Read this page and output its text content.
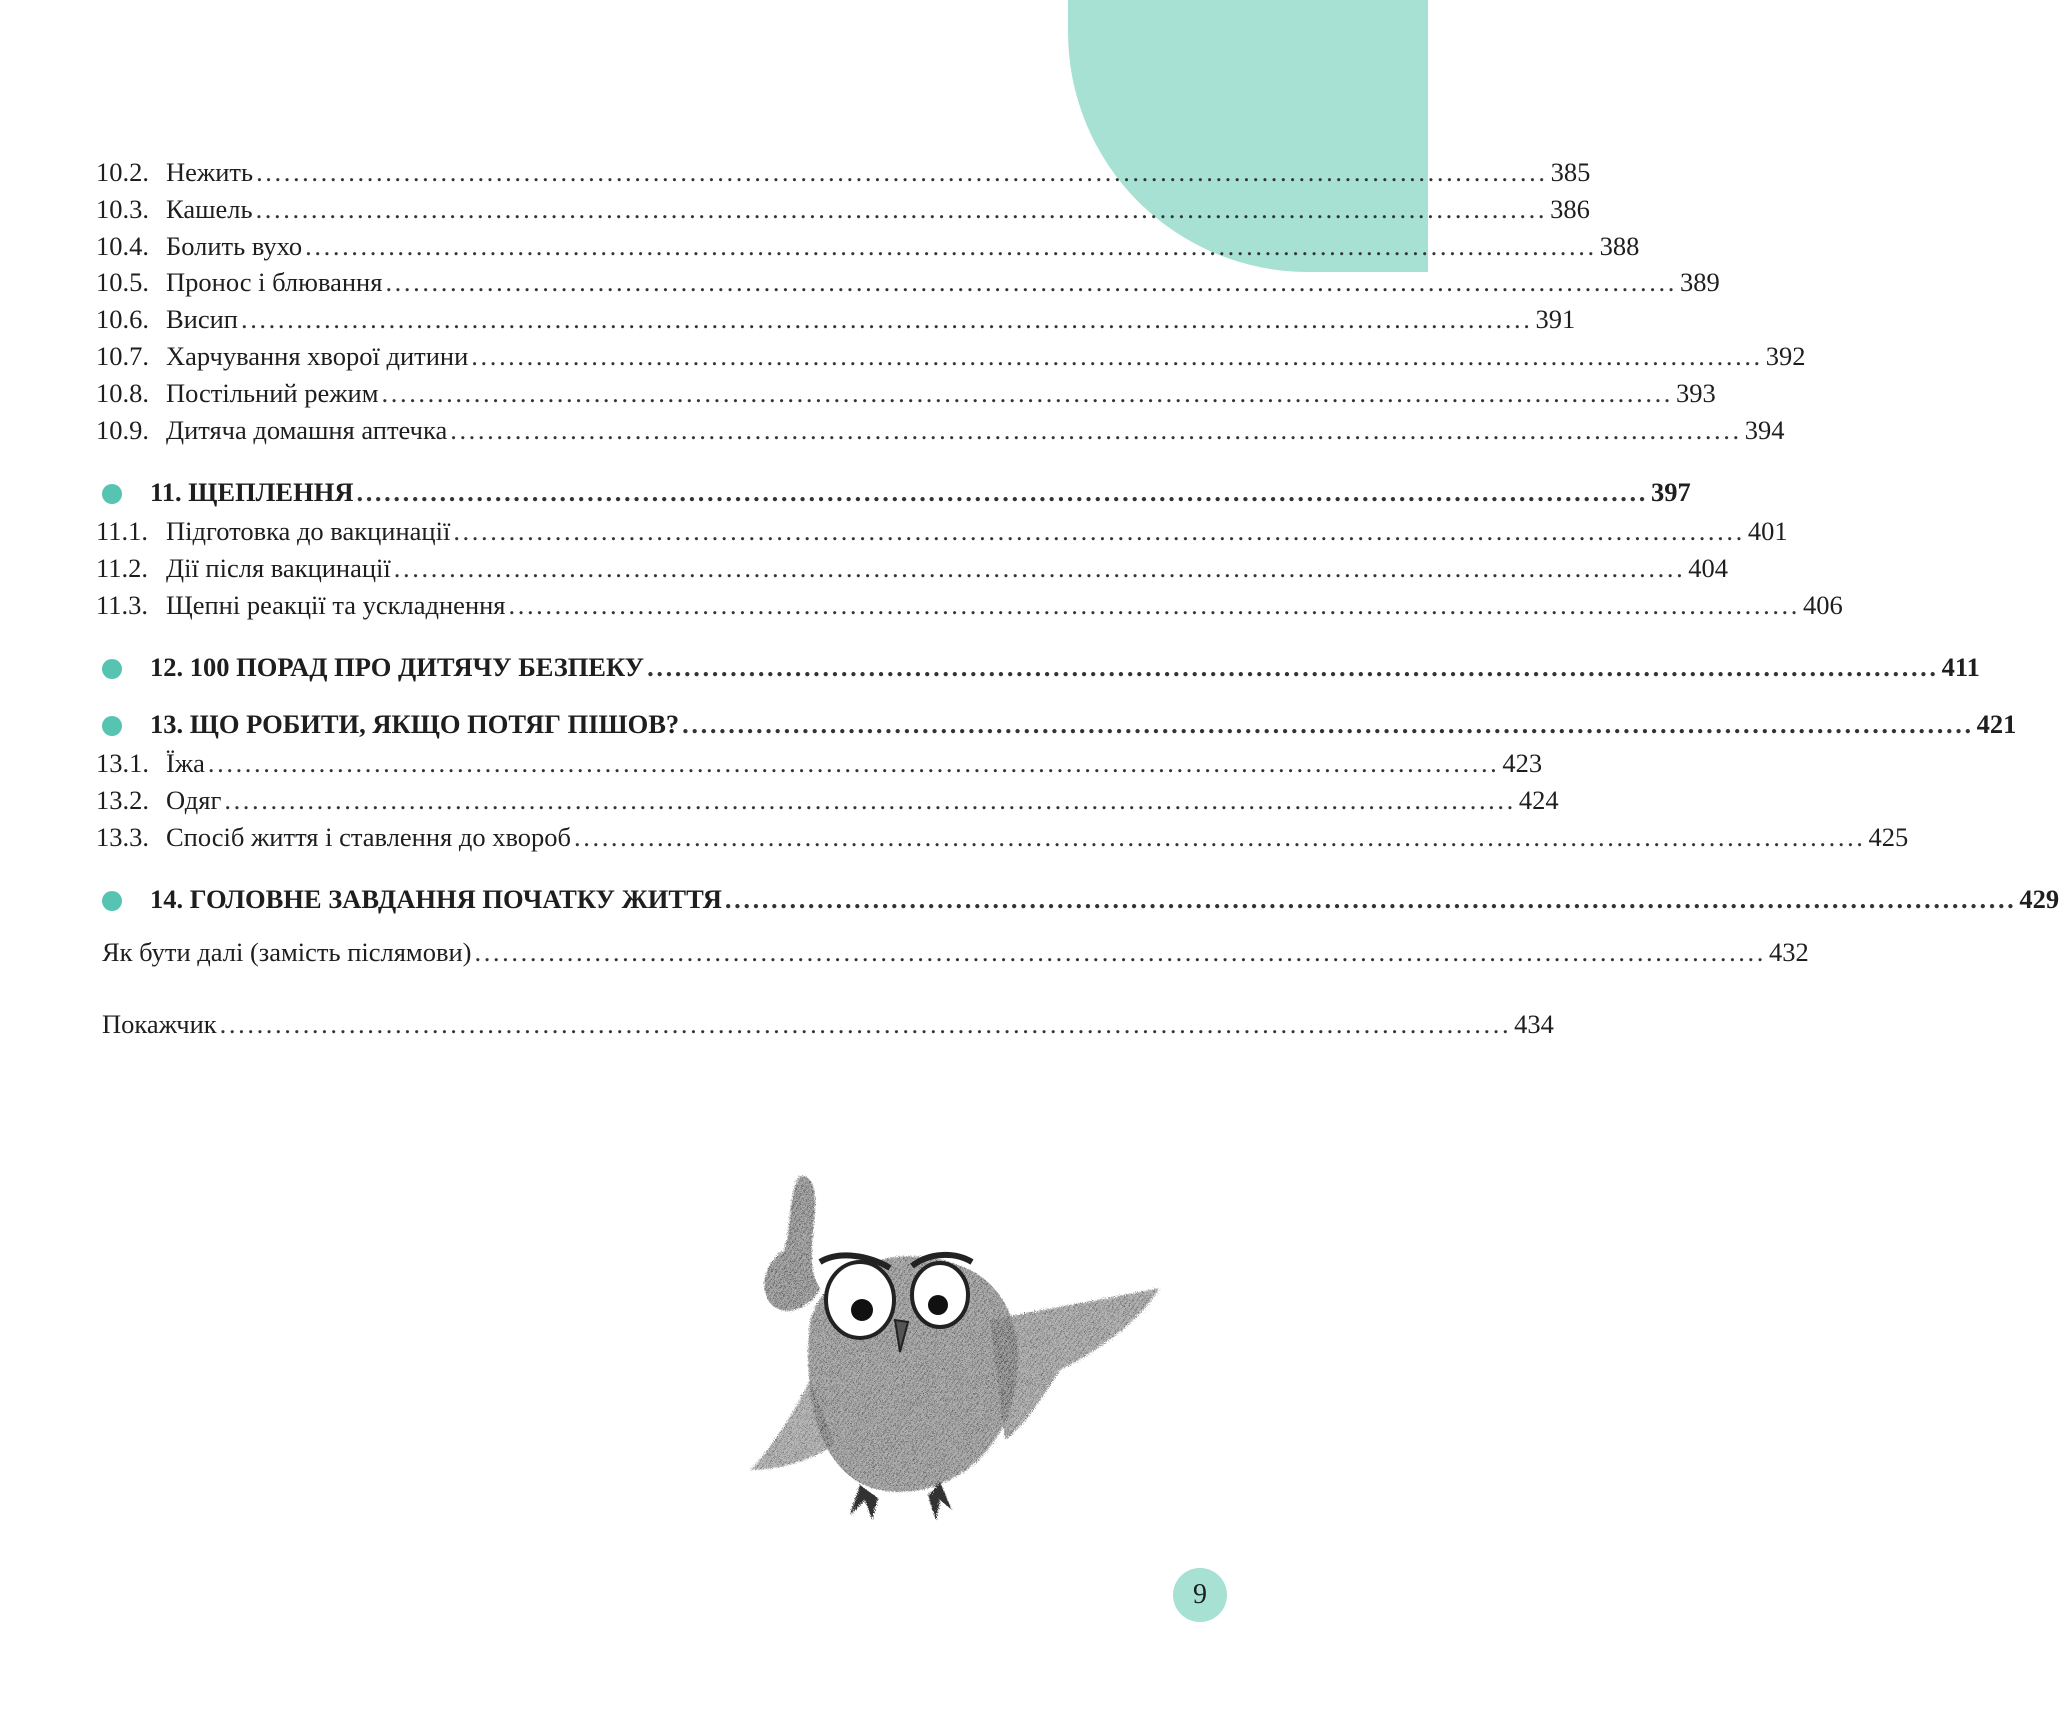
10.2. Нежить ............................................................................................................................................ 385
10.3. Кашель ............................................................................................................................................ 386
10.4. Болить вухо ............................................................................................................................................ 388
10.5. Пронос і блювання ............................................................................................................................................ 389
10.6. Висип ............................................................................................................................................ 391
10.7. Харчування хворої дитини ............................................................................................................................................ 392
10.8. Постільний режим ............................................................................................................................................ 393
10.9. Дитяча домашня аптечка ............................................................................................................................................ 394
11. ЩЕПЛЕННЯ ............................................................................................................................................ 397
11.1. Підготовка до вакцинації ............................................................................................................................................ 401
11.2. Дії після вакцинації ............................................................................................................................................ 404
11.3. Щепні реакції та ускладнення ............................................................................................................................................ 406
12. 100 ПОРАД ПРО ДИТЯЧУ БЕЗПЕКУ ............................................................................................................................................ 411
13. ЩО РОБИТИ, ЯКЩО ПОТЯГ ПІШОВ? ............................................................................................................................................ 421
13.1. Їжа ............................................................................................................................................ 423
13.2. Одяг ............................................................................................................................................ 424
13.3. Спосіб життя і ставлення до хвороб ............................................................................................................................................ 425
14. ГОЛОВНЕ ЗАВДАННЯ ПОЧАТКУ ЖИТТЯ ............................................................................................................................................ 429
Як бути далі (замість післямови) ............................................................................................................................................ 432
Покажчик ............................................................................................................................................ 434
9
